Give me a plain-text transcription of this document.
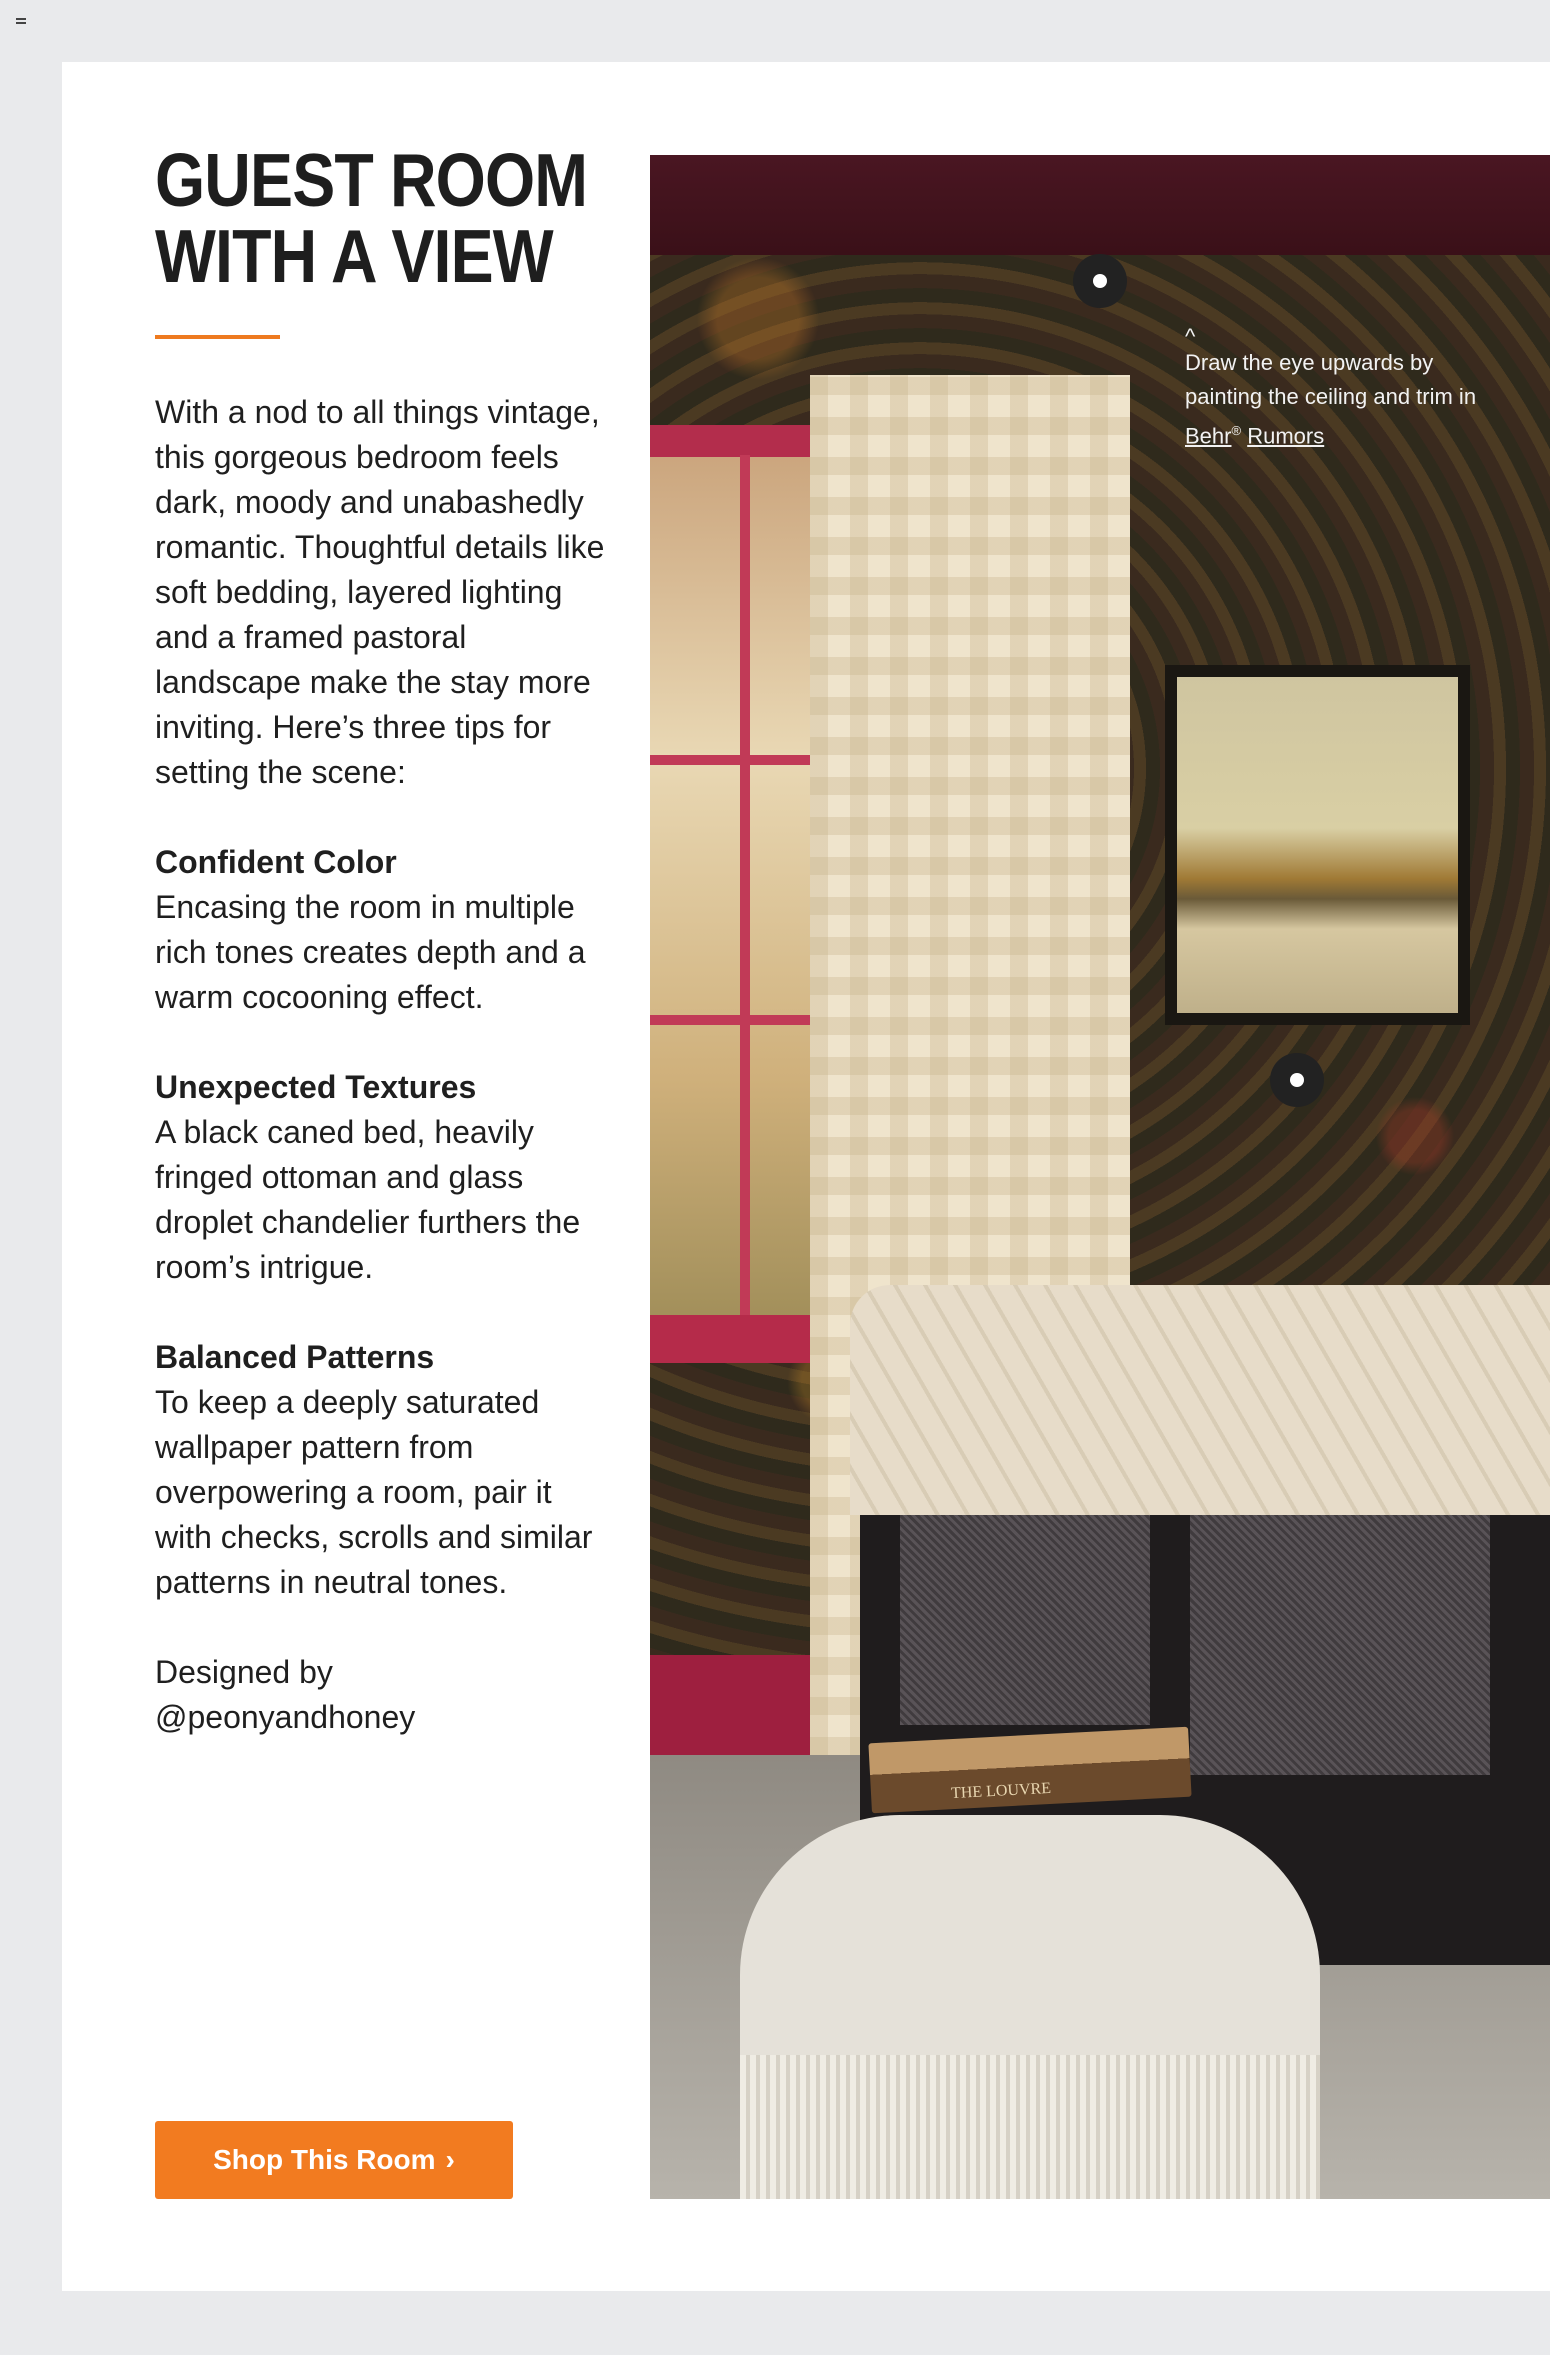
GUEST ROOM
WITH A VIEW

With a nod to all things vintage, this gorgeous bedroom feels dark, moody and unabashedly romantic. Thoughtful details like soft bedding, layered lighting and a framed pastoral landscape make the stay more inviting. Here’s three tips for setting the scene:

Confident Color
Encasing the room in multiple rich tones creates depth and a warm cocooning effect.
Unexpected Textures
A black caned bed, heavily fringed ottoman and glass droplet chandelier furthers the room’s intrigue.
Balanced Patterns
To keep a deeply saturated wallpaper pattern from overpowering a room, pair it with checks, scrolls and similar patterns in neutral tones.
Designed by
@peonyandhoney
Shop This Room ›
THE LOUVRE
^
Draw the eye upwards by painting the ceiling and trim in Behr® Rumors
